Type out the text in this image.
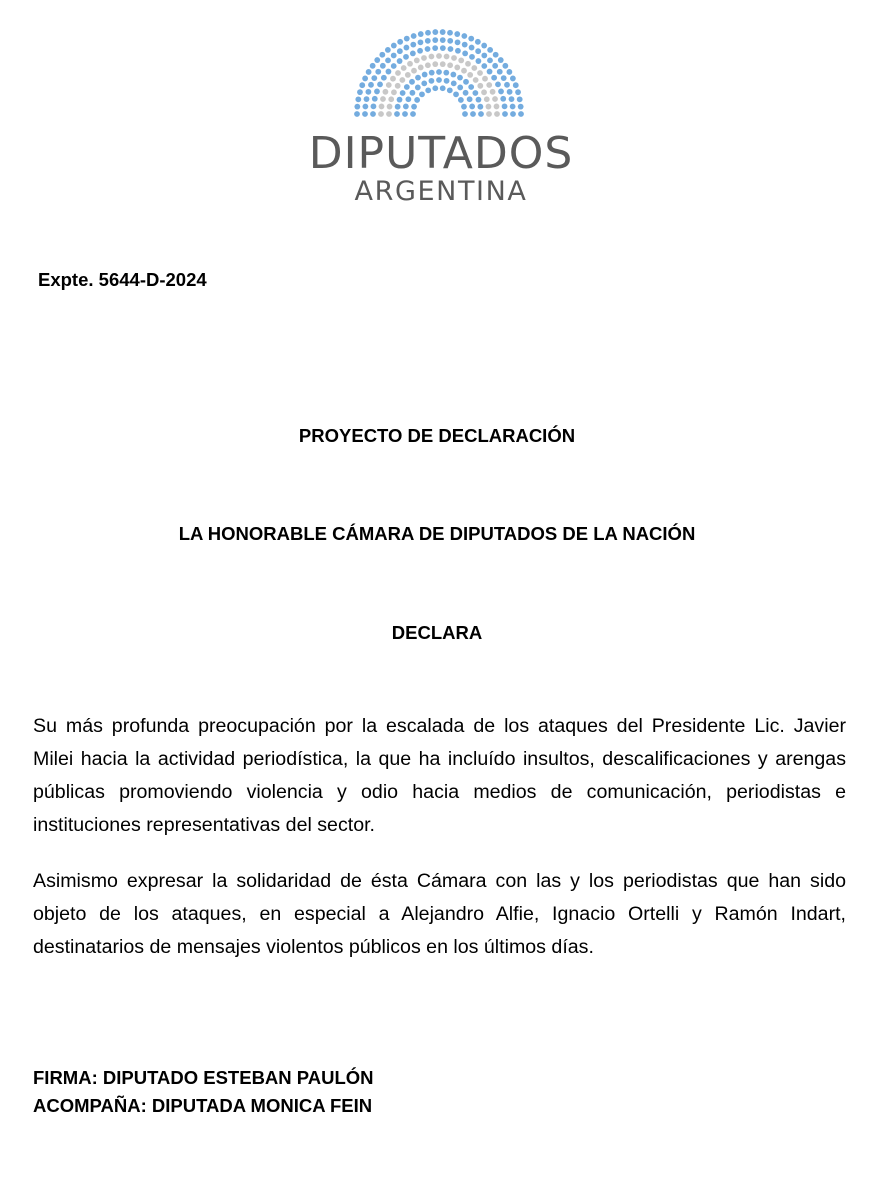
DIPUTADOS
ARGENTINA
Expte. 5644-D-2024
PROYECTO DE DECLARACIÓN
LA HONORABLE CÁMARA DE DIPUTADOS DE LA NACIÓN
DECLARA

Su más profunda preocupación por la escalada de los ataques del Presidente Lic. Javier Milei hacia la actividad periodística, la que ha incluído insultos, descalificaciones y arengas públicas promoviendo violencia y odio hacia medios de comunicación, periodistas e instituciones representativas del sector.

Asimismo expresar la solidaridad de ésta Cámara con las y los periodistas que han sido objeto de los ataques, en especial a Alejandro Alfie, Ignacio Ortelli y Ramón Indart, destinatarios de mensajes violentos públicos en los últimos días.

FIRMA: DIPUTADO ESTEBAN PAULÓN
ACOMPAÑA: DIPUTADA MONICA FEIN
